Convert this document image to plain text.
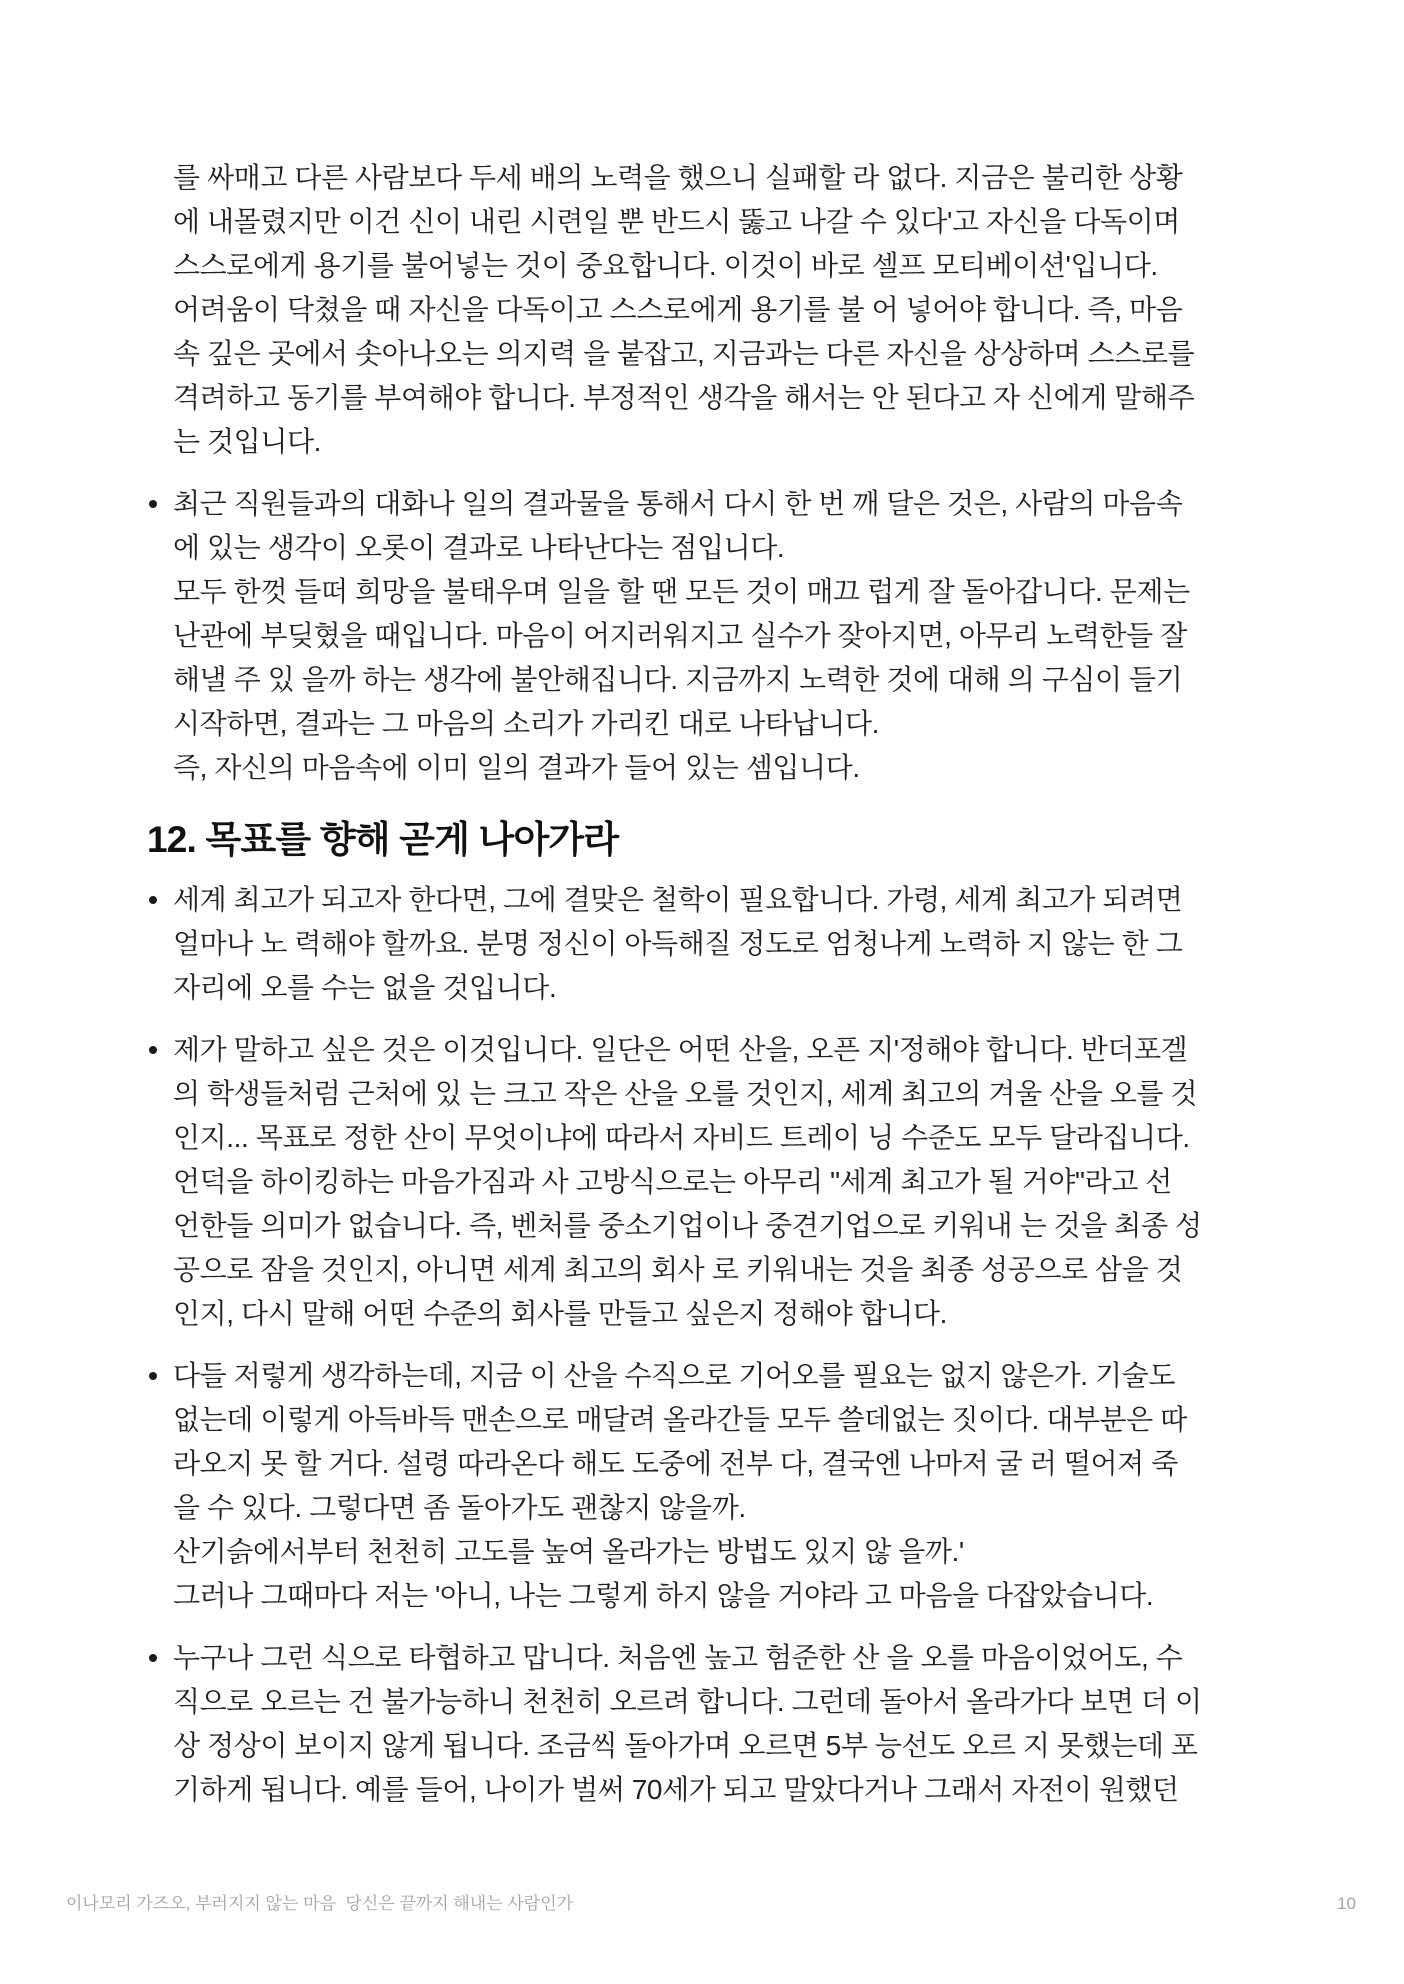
를 싸매고 다른 사람보다 두세 배의 노력을 했으니 실패할 라 없다. 지금은 불리한 상황
에 내몰렸지만 이건 신이 내린 시련일 뿐 반드시 뚫고 나갈 수 있다'고 자신을 다독이며
스스로에게 용기를 불어넣는 것이 중요합니다. 이것이 바로 셀프 모티베이션'입니다.
어려움이 닥쳤을 때 자신을 다독이고 스스로에게 용기를 불 어 넣어야 합니다. 즉, 마음
속 깊은 곳에서 솟아나오는 의지력 을 붙잡고, 지금과는 다른 자신을 상상하며 스스로를
격려하고 동기를 부여해야 합니다. 부정적인 생각을 해서는 안 된다고 자 신에게 말해주
는 것입니다.
최근 직원들과의 대화나 일의 결과물을 통해서 다시 한 번 깨 달은 것은, 사람의 마음속
에 있는 생각이 오롯이 결과로 나타난다는 점입니다.
모두 한껏 들떠 희망을 불태우며 일을 할 땐 모든 것이 매끄 럽게 잘 돌아갑니다. 문제는
난관에 부딪혔을 때입니다. 마음이 어지러워지고 실수가 잦아지면, 아무리 노력한들 잘
해낼 주 있 을까 하는 생각에 불안해집니다. 지금까지 노력한 것에 대해 의 구심이 들기
시작하면, 결과는 그 마음의 소리가 가리킨 대로 나타납니다.
즉, 자신의 마음속에 이미 일의 결과가 들어 있는 셈입니다.
12. 목표를 향해 곧게 나아가라
세계 최고가 되고자 한다면, 그에 결맞은 철학이 필요합니다. 가령, 세계 최고가 되려면
얼마나 노 력해야 할까요. 분명 정신이 아득해질 정도로 엄청나게 노력하 지 않는 한 그
자리에 오를 수는 없을 것입니다.
제가 말하고 싶은 것은 이것입니다. 일단은 어떤 산을, 오픈 지'정해야 합니다. 반더포겔
의 학생들처럼 근처에 있 는 크고 작은 산을 오를 것인지, 세계 최고의 겨울 산을 오를 것
인지... 목표로 정한 산이 무엇이냐에 따라서 자비드 트레이 닝 수준도 모두 달라집니다.
언덕을 하이킹하는 마음가짐과 사 고방식으로는 아무리 "세계 최고가 될 거야"라고 선
언한들 의미가 없습니다. 즉, 벤처를 중소기업이나 중견기업으로 키워내 는 것을 최종 성
공으로 잠을 것인지, 아니면 세계 최고의 회사 로 키워내는 것을 최종 성공으로 삼을 것
인지, 다시 말해 어떤 수준의 회사를 만들고 싶은지 정해야 합니다.
다들 저렇게 생각하는데, 지금 이 산을 수직으로 기어오를 필요는 없지 않은가. 기술도
없는데 이렇게 아득바득 맨손으로 매달려 올라간들 모두 쓸데없는 짓이다. 대부분은 따
라오지 못 할 거다. 설령 따라온다 해도 도중에 전부 다, 결국엔 나마저 굴 러 떨어져 죽
을 수 있다. 그렇다면 좀 돌아가도 괜찮지 않을까.
산기슭에서부터 천천히 고도를 높여 올라가는 방법도 있지 않 을까.'
그러나 그때마다 저는 '아니, 나는 그렇게 하지 않을 거야라 고 마음을 다잡았습니다.
누구나 그런 식으로 타협하고 맙니다. 처음엔 높고 험준한 산 을 오를 마음이었어도, 수
직으로 오르는 건 불가능하니 천천히 오르려 합니다. 그런데 돌아서 올라가다 보면 더 이
상 정상이 보이지 않게 됩니다. 조금씩 돌아가며 오르면 5부 능선도 오르 지 못했는데 포
기하게 됩니다. 예를 들어, 나이가 벌써 70세가 되고 말았다거나 그래서 자전이 원했던
이나모리 가즈오, 부러지지 않는 마음  당신은 끝까지 해내는 사람인가	10
